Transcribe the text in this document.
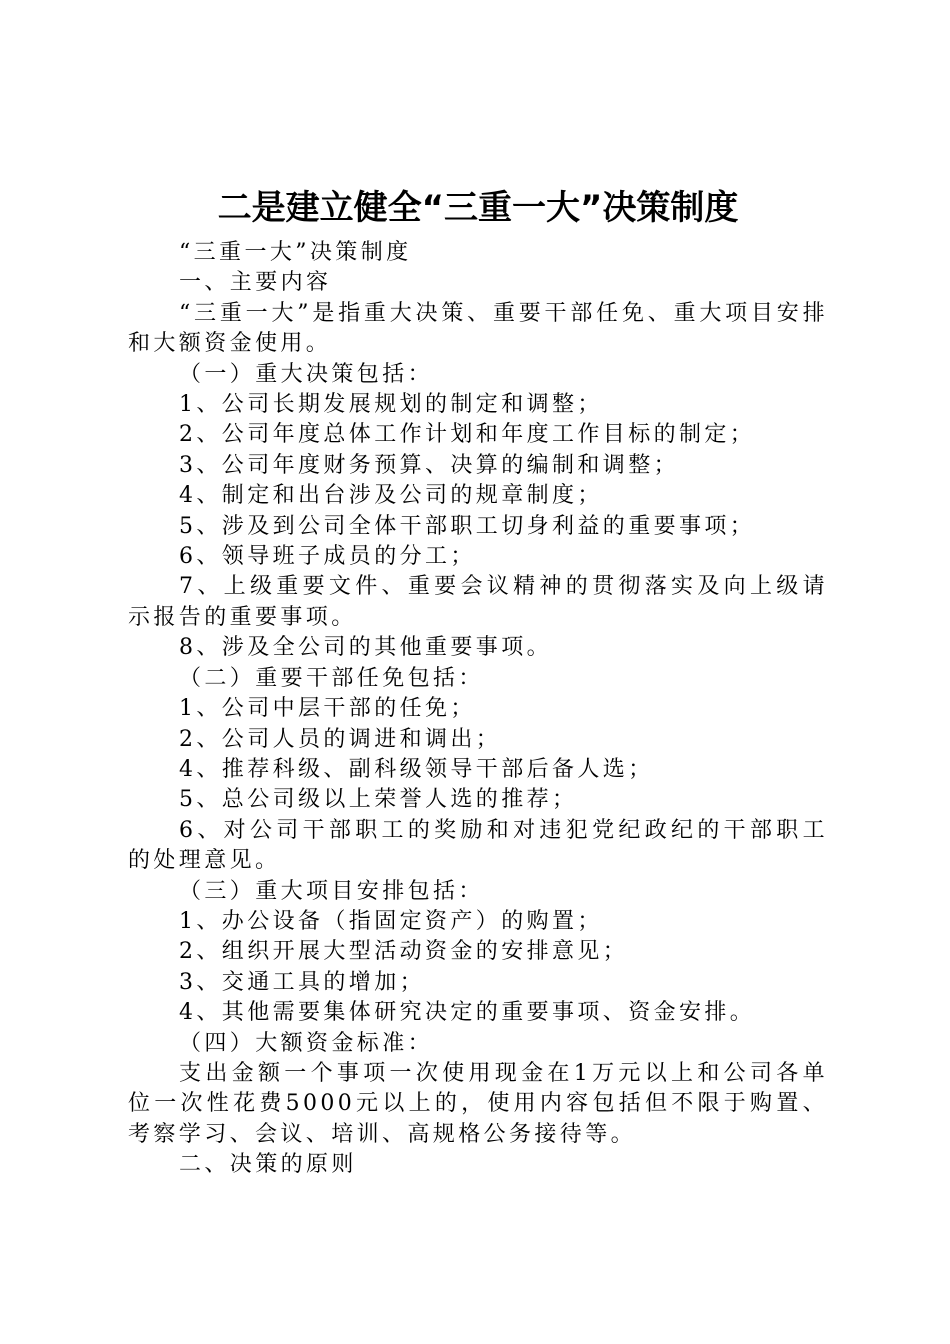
二是建立健全“三重一大”决策制度

“三重一大”决策制度

一、主要内容

“三重一大”是指重大决策、重要干部任免、重大项目安排和大额资金使用。

（一）重大决策包括：

1、公司长期发展规划的制定和调整；

2、公司年度总体工作计划和年度工作目标的制定；

3、公司年度财务预算、决算的编制和调整；

4、制定和出台涉及公司的规章制度；

5、涉及到公司全体干部职工切身利益的重要事项；

6、领导班子成员的分工；

7、上级重要文件、重要会议精神的贯彻落实及向上级请示报告的重要事项。

8、涉及全公司的其他重要事项。

（二）重要干部任免包括：

1、公司中层干部的任免；

2、公司人员的调进和调出；

4、推荐科级、副科级领导干部后备人选；

5、总公司级以上荣誉人选的推荐；

6、对公司干部职工的奖励和对违犯党纪政纪的干部职工的处理意见。

（三）重大项目安排包括：

1、办公设备（指固定资产）的购置；

2、组织开展大型活动资金的安排意见；

3、交通工具的增加；

4、其他需要集体研究决定的重要事项、资金安排。

（四）大额资金标准：

支出金额一个事项一次使用现金在1万元以上和公司各单位一次性花费5000元以上的，使用内容包括但不限于购置、考察学习、会议、培训、高规格公务接待等。

二、决策的原则
